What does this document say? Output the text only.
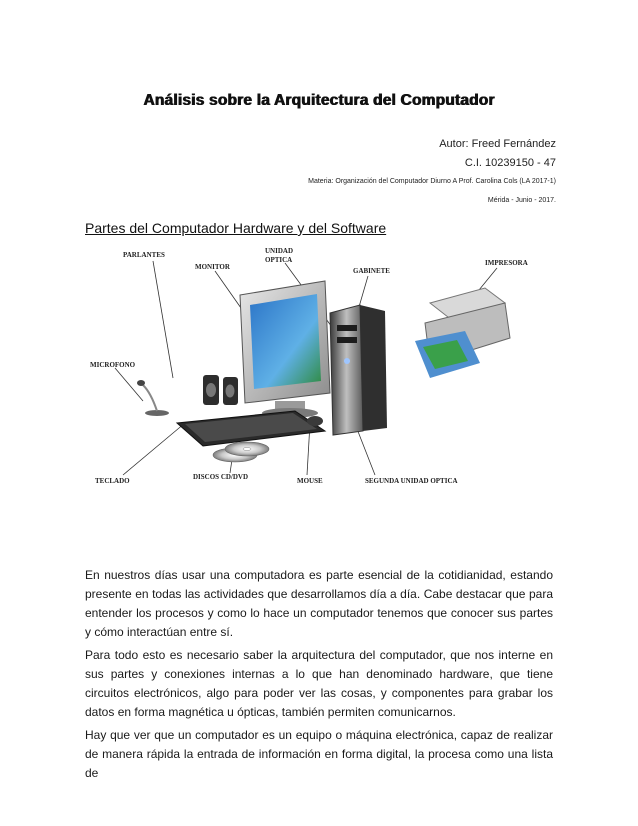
Análisis sobre la Arquitectura del Computador
Autor: Freed Fernández
C.I. 10239150 - 47
Materia: Organización del Computador Diurno A Prof. Carolina Cols (LA 2017-1)
Mérida - Junio - 2017.
Partes del Computador Hardware y del Software
PARLANTES
MONITOR
UNIDAD
OPTICA
GABINETE
IMPRESORA
MICROFONO
TECLADO	DISCOS CD/DVD	MOUSE	SEGUNDA UNIDAD OPTICA

En nuestros días usar una computadora es parte esencial de la cotidianidad, estando presente en todas las actividades que desarrollamos día a día. Cabe destacar que para entender los procesos y como lo hace un computador tenemos que conocer sus partes y cómo interactúan entre sí.

Para todo esto es necesario saber la arquitectura del computador, que nos interne en sus partes y conexiones internas a lo que han denominado hardware, que tiene circuitos electrónicos, algo para poder ver las cosas, y componentes para grabar los datos en forma magnética u ópticas, también permiten comunicarnos.

Hay que ver que un computador es un equipo o máquina electrónica, capaz de realizar de manera rápida la entrada de información en forma digital, la procesa como una lista de
